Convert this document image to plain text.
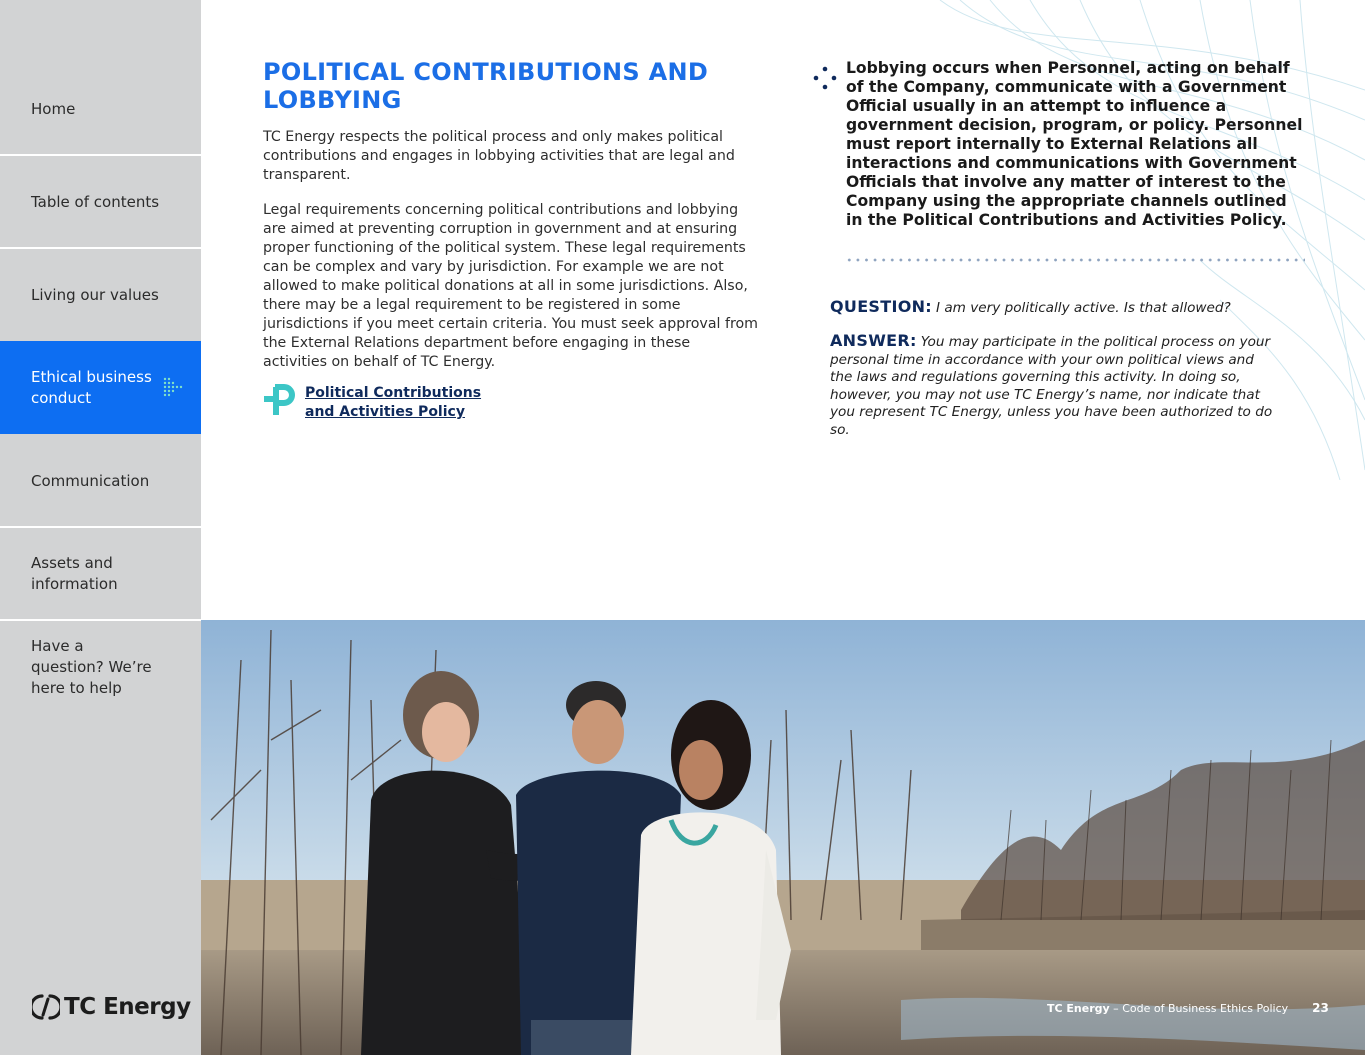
Home
Table of contents
Living our values
Ethical business conduct
Communication
Assets and information
Have a question? We’re here to help
TC Energy
POLITICAL CONTRIBUTIONS AND LOBBYING

TC Energy respects the political process and only makes political contributions and engages in lobbying activities that are legal and transparent.

Legal requirements concerning political contributions and lobbying are aimed at preventing corruption in government and at ensuring proper functioning of the political system. These legal requirements can be complex and vary by jurisdiction. For example we are not allowed to make political donations at all in some jurisdictions. Also, there may be a legal requirement to be registered in some jurisdictions if you meet certain criteria. You must seek approval from the External Relations department before engaging in these activities on behalf of TC Energy.

Political Contributions and Activities Policy

Lobbying occurs when Personnel, acting on behalf of the Company, communicate with a Government Official usually in an attempt to influence a government decision, program, or policy. Personnel must report internally to External Relations all interactions and communications with Government Officials that involve any matter of interest to the Company using the appropriate channels outlined in the Political Contributions and Activities Policy.

QUESTION: I am very politically active. Is that allowed?

ANSWER: You may participate in the political process on your personal time in accordance with your own political views and the laws and regulations governing this activity. In doing so, however, you may not use TC Energy’s name, nor indicate that you represent TC Energy, unless you have been authorized to do so.

TC Energy – Code of Business Ethics Policy 23
